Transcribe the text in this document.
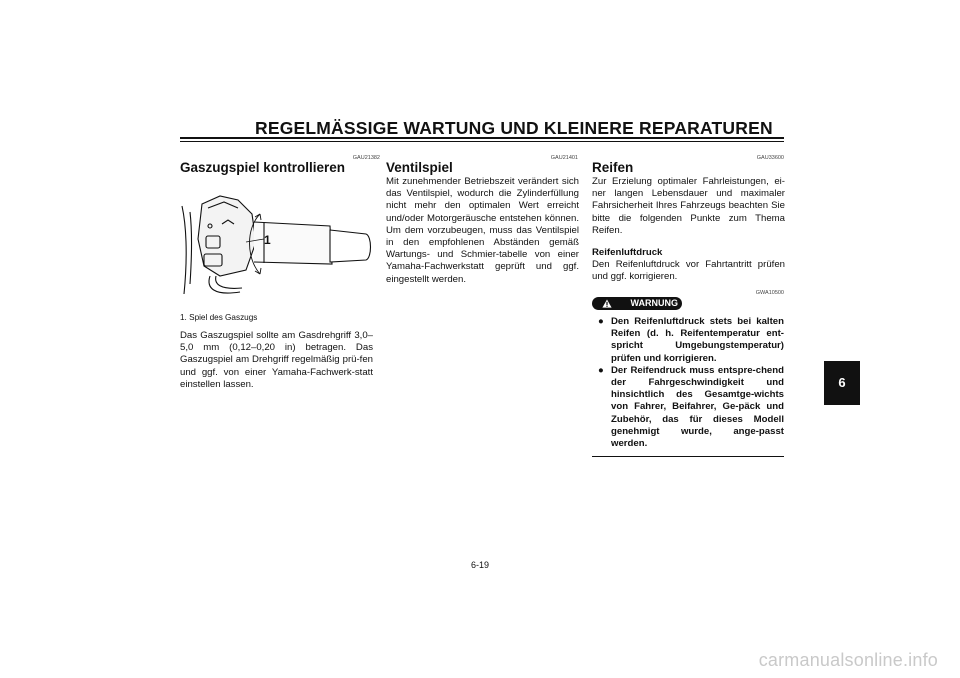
REGELMÄSSIGE WARTUNG UND KLEINERE REPARATUREN
GAU21382
Gaszugspiel kontrollieren
1
1. Spiel des Gaszugs

Das Gaszugspiel sollte am Gasdrehgriff 3,0–5,0 mm (0,12–0,20 in) betragen. Das Gaszugspiel am Drehgriff regelmäßig prü-fen und ggf. von einer Yamaha-Fachwerk-statt einstellen lassen.

GAU21401
Ventilspiel

Mit zunehmender Betriebszeit verändert sich das Ventilspiel, wodurch die Zylinderfüllung nicht mehr den optimalen Wert erreicht und/oder Motorgeräusche entstehen können. Um dem vorzubeugen, muss das Ventilspiel in den empfohlenen Abständen gemäß Wartungs- und Schmier-tabelle von einer Yamaha-Fachwerkstatt geprüft und ggf. eingestellt werden.

GAU33600
Reifen

Zur Erzielung optimaler Fahrleistungen, ei-ner langen Lebensdauer und maximaler Fahrsicherheit Ihres Fahrzeugs beachten Sie bitte die folgenden Punkte zum Thema Reifen.

Reifenluftdruck

Den Reifenluftdruck vor Fahrtantritt prüfen und ggf. korrigieren.

GWA10500
WARNUNG
● Den Reifenluftdruck stets bei kalten Reifen (d. h. Reifentemperatur ent-spricht Umgebungstemperatur) prüfen und korrigieren.
● Der Reifendruck muss entspre-chend der Fahrgeschwindigkeit und hinsichtlich des Gesamtge-wichts von Fahrer, Beifahrer, Ge-päck und Zubehör, das für dieses Modell genehmigt wurde, ange-passt werden.
6
6-19
carmanualsonline.info
